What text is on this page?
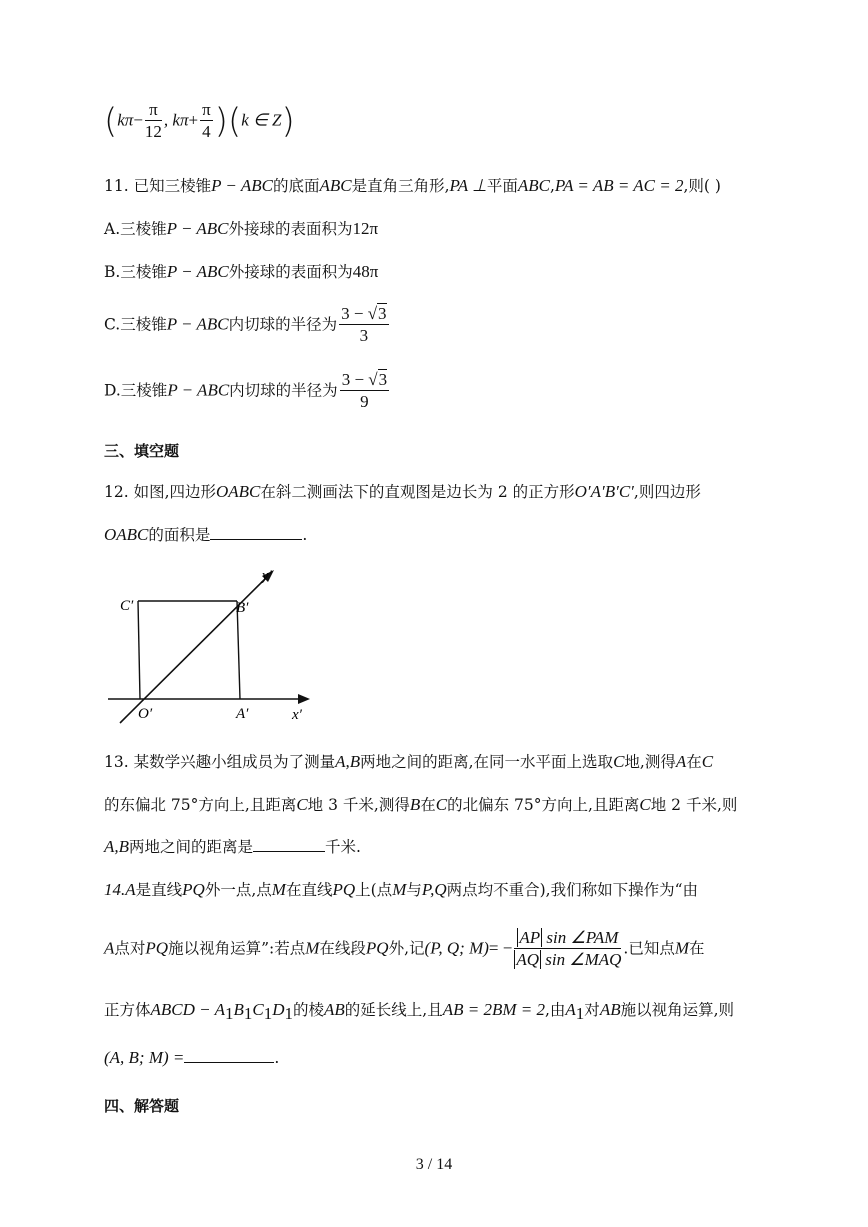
($k\pi- \frac{\pi}{12}$ , $k\pi+ \frac{\pi}{4} )(k$ ∈ Z)
11. 已知三棱锥P − ABC的底面ABC是直角三角形,PA ⊥平面ABC,PA = AB = AC = 2,则( )
A.三棱锥P − ABC外接球的表面积为12π
B.三棱锥P − ABC外接球的表面积为48π
C.三棱锥P − ABC内切球的半径为 $\frac{3 - √3}{3}$
D.三棱锥P − ABC内切球的半径为 $\frac{3 - √3}{9}$
三、填空题
12. 如图,四边形OABC在斜二测画法下的直观图是边长为 2 的正方形O′A′B′C′,则四边形
OABC的面积是	.
C′	B′
O′	A′	x′
y′
13. 某数学兴趣小组成员为了测量A,B两地之间的距离,在同一水平面上选取C地,测得A在C
的东偏北 75°方向上,且距离C地 3 千米,测得B在C的北偏东 75°方向上,且距离C地 2 千米,则
A,B两地之间的距离是	千米.
14.A是直线PQ外一点,点M在直线PQ上(点M与P,Q两点均不重合),我们称如下操作为“由
A点对PQ施以视角运算”:若点M在线段PQ外,记(P, Q; $M)= - \frac{\text{AP sin ∠PAM}}{\text{AQ sin ∠MAQ}}$ .已知点M在
正方体ABCD − $A_1B_1C_1D_1$的棱AB的延长线上,且AB = 2BM = 2,由$A_1$对AB施以视角运算,则
(A, B; M) =	.
四、解答题
3 / 14
